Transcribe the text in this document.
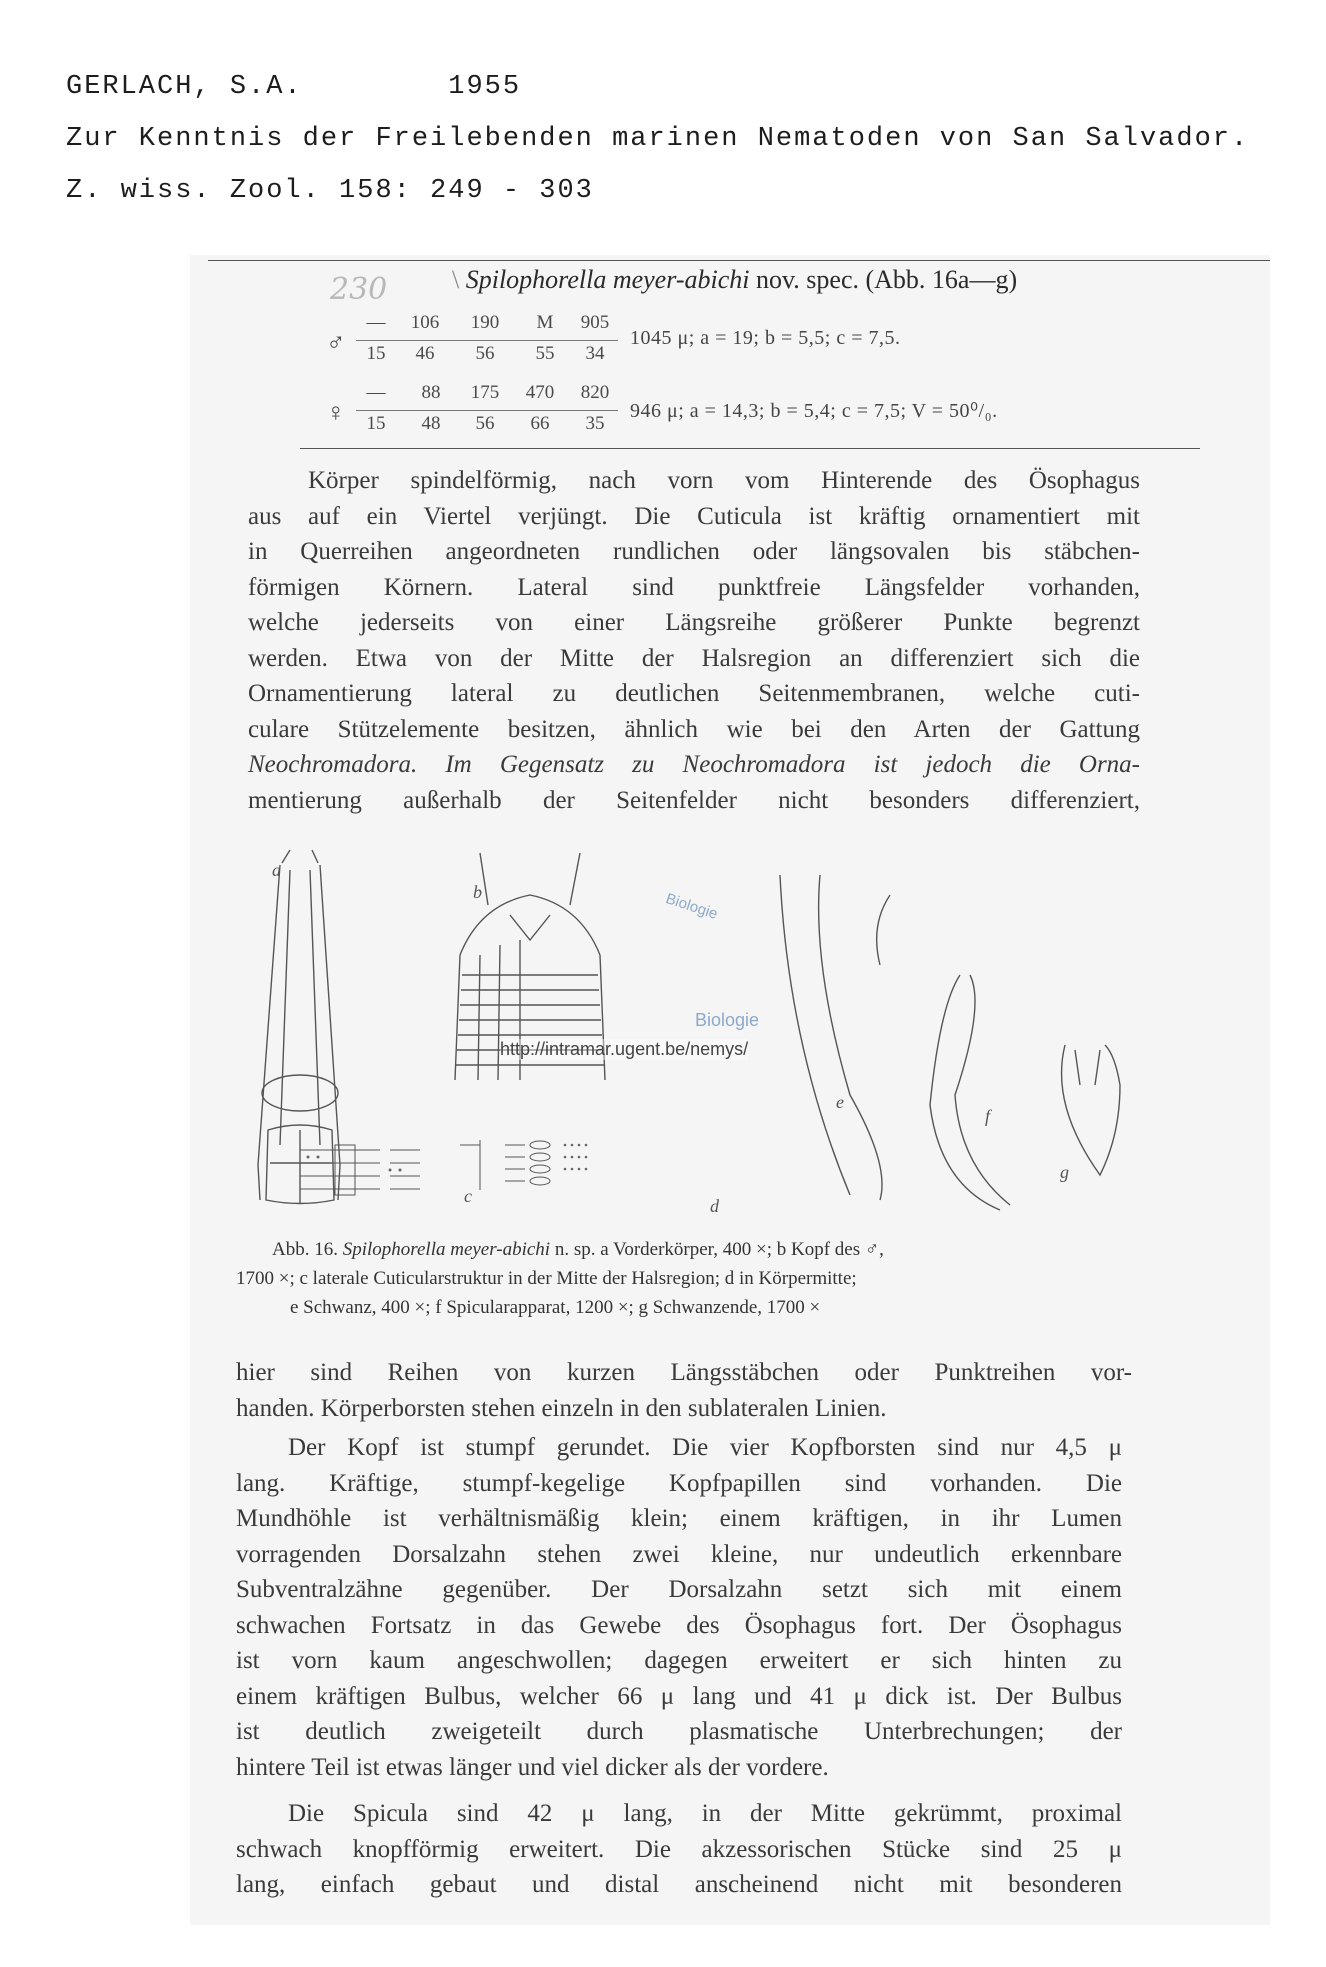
GERLACH, S.A.        1955
Zur Kenntnis der Freilebenden marinen Nematoden von San Salvador.
Z. wiss. Zool. 158: 249 - 303
230 \ Spilophorella meyer-abichi nov. spec. (Abb. 16a—g)
♂
—	106	190	M	905
15	46	56	55	34
1045 μ; a = 19; b = 5,5; c = 7,5.
♀
—	88	175	470	820
15	48	56	66	35
946 μ; a = 14,3; b = 5,4; c = 7,5; V = 50⁰/₀.

Körper spindelförmig, nach vorn vom Hinterende des Ösophagus

aus auf ein Viertel verjüngt. Die Cuticula ist kräftig ornamentiert mit

in Querreihen angeordneten rundlichen oder längsovalen bis stäbchen-

förmigen Körnern. Lateral sind punktfreie Längsfelder vorhanden,

welche jederseits von einer Längsreihe größerer Punkte begrenzt

werden. Etwa von der Mitte der Halsregion an differenziert sich die

Ornamentierung lateral zu deutlichen Seitenmembranen, welche cuti-

culare Stützelemente besitzen, ähnlich wie bei den Arten der Gattung

Neochromadora. Im Gegensatz zu Neochromadora ist jedoch die Orna-

mentierung außerhalb der Seitenfelder nicht besonders differenziert,

a
b
c	d
e
f
g
Biologie
Biologie
http://intramar.ugent.be/nemys/
Abb. 16. Spilophorella meyer-abichi n. sp. a Vorderkörper, 400 ×; b Kopf des ♂,
1700 ×; c laterale Cuticularstruktur in der Mitte der Halsregion; d in Körpermitte;
e Schwanz, 400 ×; f Spicularapparat, 1200 ×; g Schwanzende, 1700 ×

hier sind Reihen von kurzen Längsstäbchen oder Punktreihen vor-

handen. Körperborsten stehen einzeln in den sublateralen Linien.

Der Kopf ist stumpf gerundet. Die vier Kopfborsten sind nur 4,5 μ

lang. Kräftige, stumpf-kegelige Kopfpapillen sind vorhanden. Die

Mundhöhle ist verhältnismäßig klein; einem kräftigen, in ihr Lumen

vorragenden Dorsalzahn stehen zwei kleine, nur undeutlich erkennbare

Subventralzähne gegenüber. Der Dorsalzahn setzt sich mit einem

schwachen Fortsatz in das Gewebe des Ösophagus fort. Der Ösophagus

ist vorn kaum angeschwollen; dagegen erweitert er sich hinten zu

einem kräftigen Bulbus, welcher 66 μ lang und 41 μ dick ist. Der Bulbus

ist deutlich zweigeteilt durch plasmatische Unterbrechungen; der

hintere Teil ist etwas länger und viel dicker als der vordere.

Die Spicula sind 42 μ lang, in der Mitte gekrümmt, proximal

schwach knopfförmig erweitert. Die akzessorischen Stücke sind 25 μ

lang, einfach gebaut und distal anscheinend nicht mit besonderen
